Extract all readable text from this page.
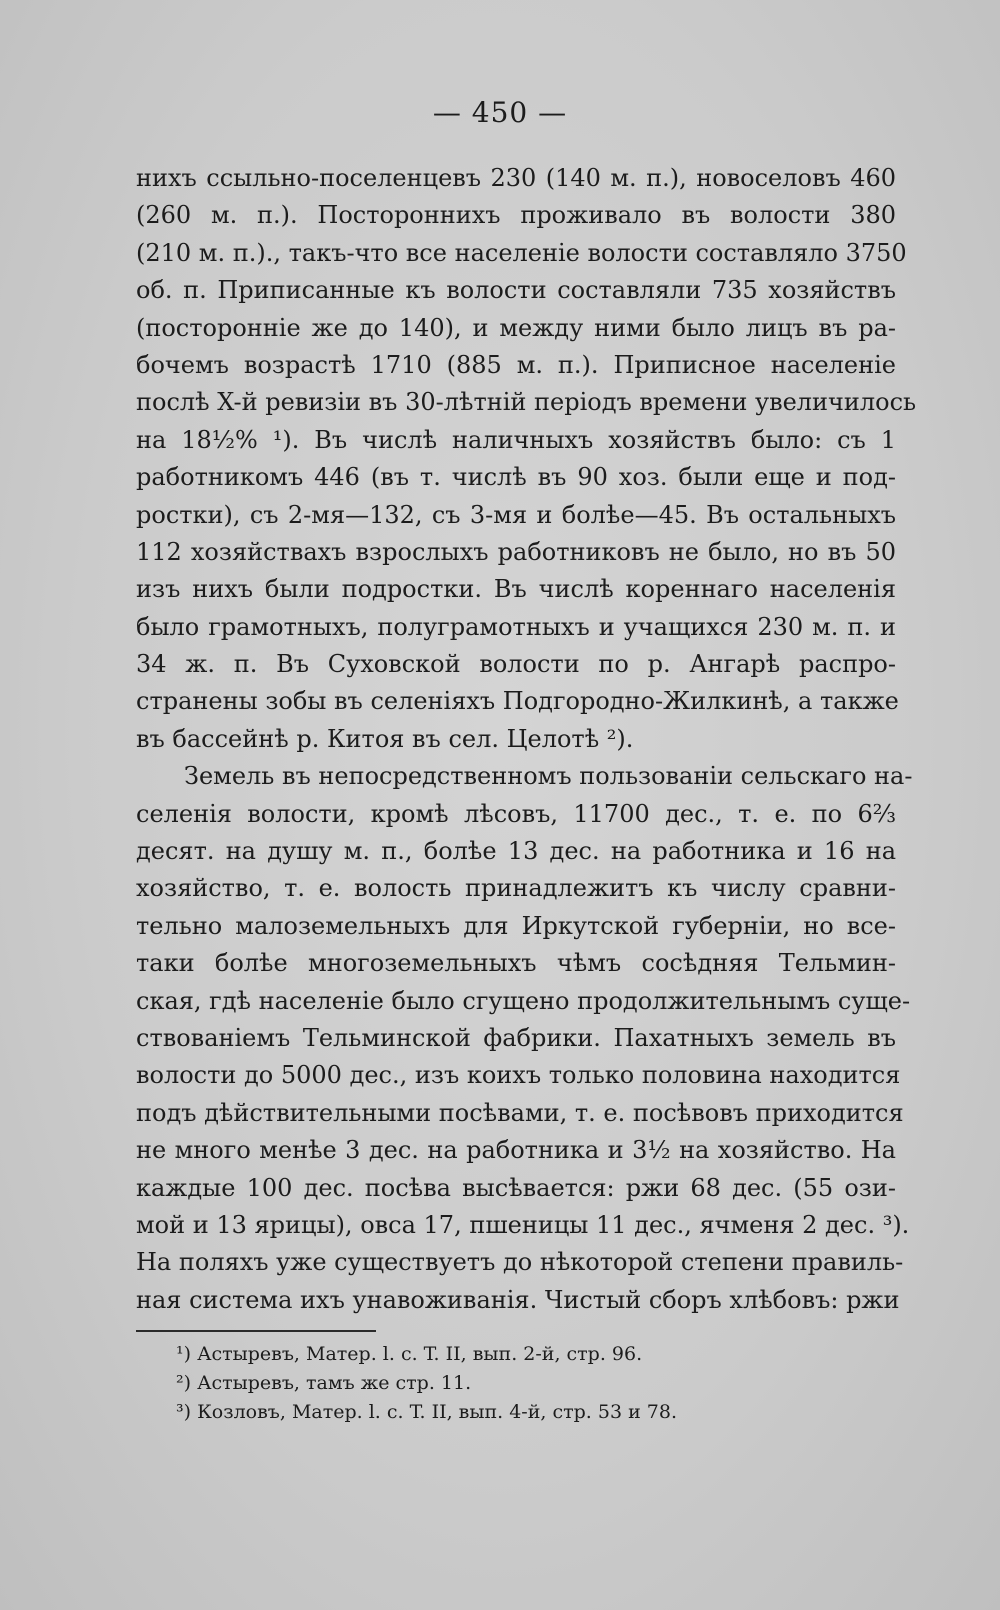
— 450 —
нихъ ссыльно-поселенцевъ 230 (140 м. п.), новоселовъ 460
(260 м. п.). Постороннихъ проживало въ волости 380
(210 м. п.)., такъ-что все населеніе волости составляло 3750
об. п. Приписанные къ волости составляли 735 хозяйствъ
(посторонніе же до 140), и между ними было лицъ въ ра-
бочемъ возрастѣ 1710 (885 м. п.). Приписное населеніе
послѣ X-й ревизіи въ 30-лѣтній періодъ времени увеличилось
на 18½% ¹). Въ числѣ наличныхъ хозяйствъ было: съ 1
работникомъ 446 (въ т. числѣ въ 90 хоз. были еще и под-
ростки), съ 2-мя—132, съ 3-мя и болѣе—45. Въ остальныхъ
112 хозяйствахъ взрослыхъ работниковъ не было, но въ 50
изъ нихъ были подростки. Въ числѣ кореннаго населенія
было грамотныхъ, полуграмотныхъ и учащихся 230 м. п. и
34 ж. п. Въ Суховской волости по р. Ангарѣ распро-
странены зобы въ селеніяхъ Подгородно-Жилкинѣ, а также
въ бассейнѣ р. Китоя въ сел. Целотѣ ²).
Земель въ непосредственномъ пользованіи сельскаго на-
селенія волости, кромѣ лѣсовъ, 11700 дес., т. е. по 6⅔
десят. на душу м. п., болѣе 13 дес. на работника и 16 на
хозяйство, т. е. волость принадлежитъ къ числу сравни-
тельно малоземельныхъ для Иркутской губерніи, но все-
таки болѣе многоземельныхъ чѣмъ сосѣдняя Тельмин-
ская, гдѣ населеніе было сгущено продолжительнымъ суще-
ствованіемъ Тельминской фабрики. Пахатныхъ земель въ
волости до 5000 дес., изъ коихъ только половина находится
подъ дѣйствительными посѣвами, т. е. посѣвовъ приходится
не много менѣе 3 дес. на работника и 3½ на хозяйство. На
каждые 100 дес. посѣва высѣвается: ржи 68 дес. (55 ози-
мой и 13 ярицы), овса 17, пшеницы 11 дес., ячменя 2 дес. ³).
На поляхъ уже существуетъ до нѣкоторой степени правиль-
ная система ихъ унавоживанія. Чистый сборъ хлѣбовъ: ржи
¹) Астыревъ, Матер. l. c. T. II, вып. 2-й, стр. 96.
²) Астыревъ, тамъ же стр. 11.
³) Козловъ, Матер. l. c. T. II, вып. 4-й, стр. 53 и 78.
